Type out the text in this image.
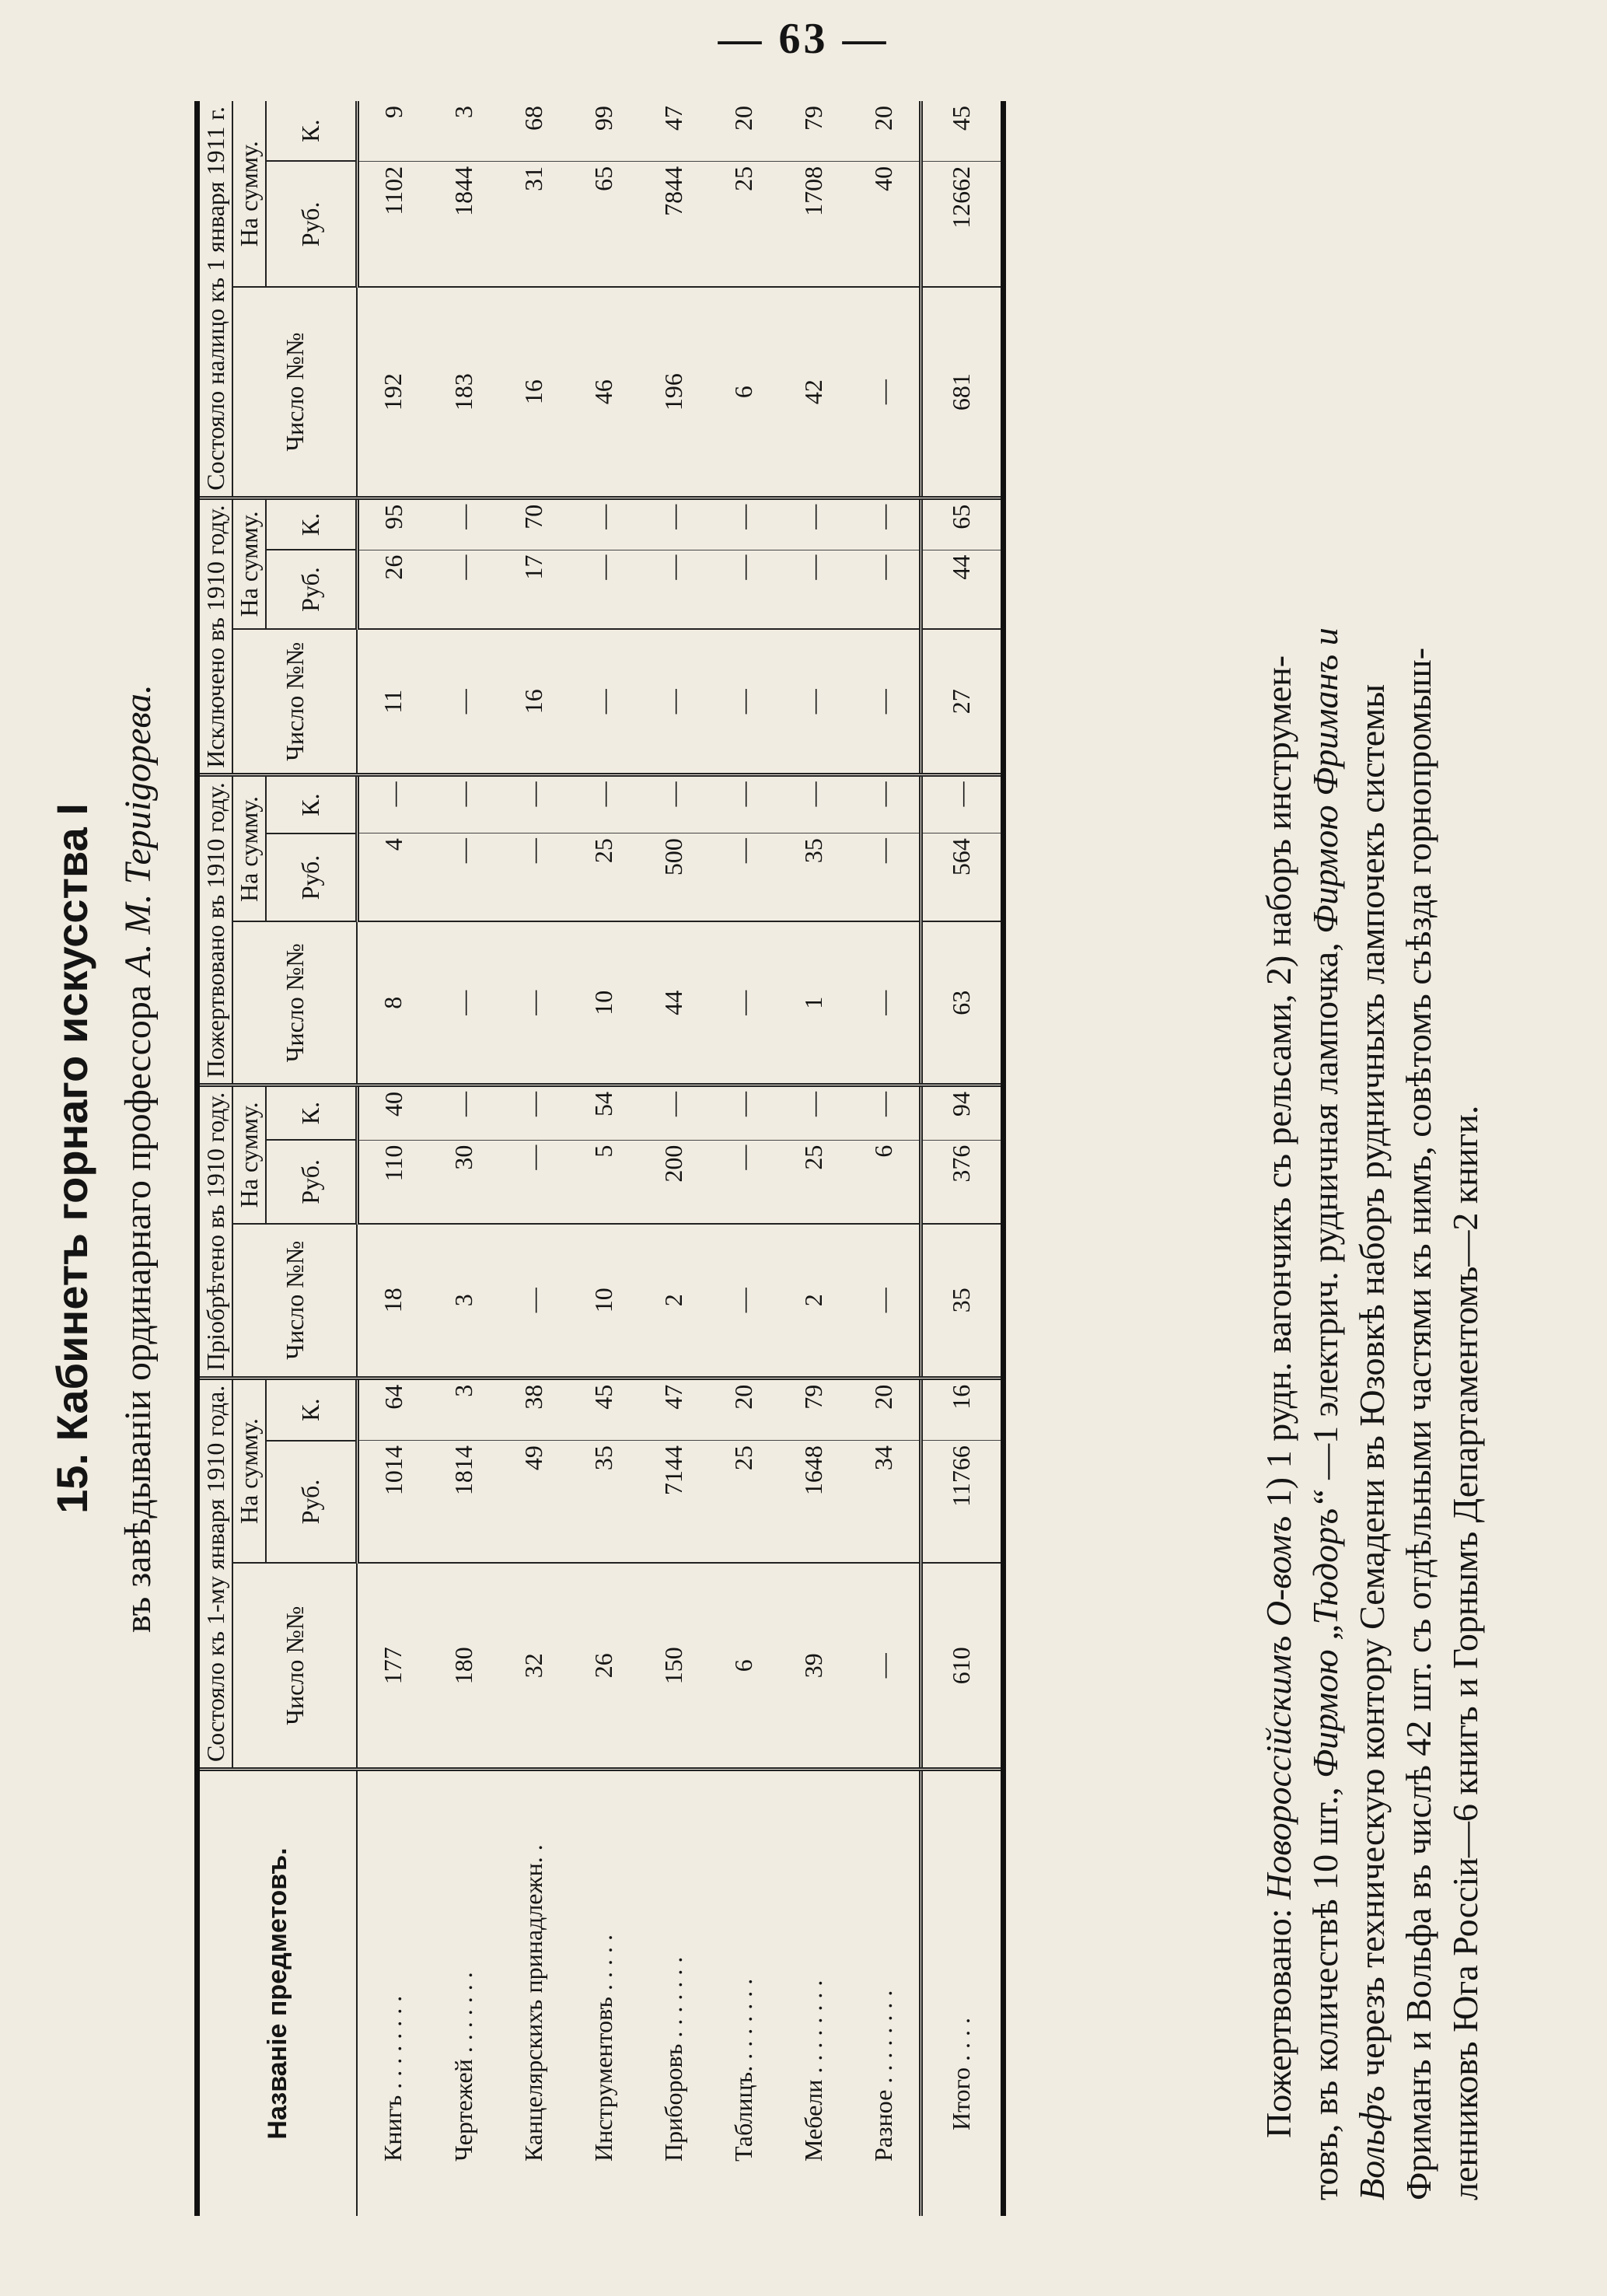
— 63 —
15. Кабинетъ горнаго искусства I въ завѣдываніи ординарнаго профессора А. М. Териigoрева.
Названіе предметовъ.	Состояло къ 1-му января 1910 года.			Пріобрѣтено въ 1910 году.			Пожертвовано въ 1910 году.			Исключено въ 1910 году.			Состояло налицо къ 1 января 1911 г.		
	Число №№	На сумму.		Число №№	На сумму.		Число №№	На сумму.		Число №№	На сумму.		Число №№	На сумму.	
		Руб.	К.		Руб.	К.		Руб.	К.		Руб.	К.		Руб.	К.
Книгъ . . . . . . . .	177	1014	64	18	110	40	8	4	—	11	26	95	192	1102	9
Чертежей . . . . . . .	180	1814	3	3	30	—	—	—	—	—	—	—	183	1844	3
Канцелярскихъ принадлежн. .	32	49	38	—	—	—	—	—	—	16	17	70	16	31	68
Инструментовъ . . . . .	26	35	45	10	5	54	10	25	—	—	—	—	46	65	99
Приборовъ . . . . . . .	150	7144	47	2	200	—	44	500	—	—	—	—	196	7844	47
Таблицъ. . . . . . . .	6	25	20	—	—	—	—	—	—	—	—	—	6	25	20
Мебели . . . . . . . .	39	1648	79	2	25	—	1	35	—	—	—	—	42	1708	79
Разное . . . . . . . .	—	34	20	—	6	—	—	—	—	—	—	—	—	40	20
Итого . . . .	610	11766	16	35	376	94	63	564	—	27	44	65	681	12662	45
Пожертвовано: Новороссійскимъ О-вомъ 1) 1 рудн. вагончикъ съ рельсами, 2) наборъ инструмен-
товъ, въ количествѣ 10 шт., Фирмою „Тюдоръ“ —1 электрич. рудничная лампочка, Фирмою Фриманъ и
Вольфъ черезъ техническую контору Семадени въ Юзовкѣ наборъ рудничныхъ лампочекъ системы Фриманъ и Вольфа въ числѣ 42 шт. съ отдѣльными частями къ нимъ, совѣтомъ съѣзда горнопромыш- ленниковъ Юга Россіи—6 книгъ и Горнымъ Департаментомъ—2 книги.
